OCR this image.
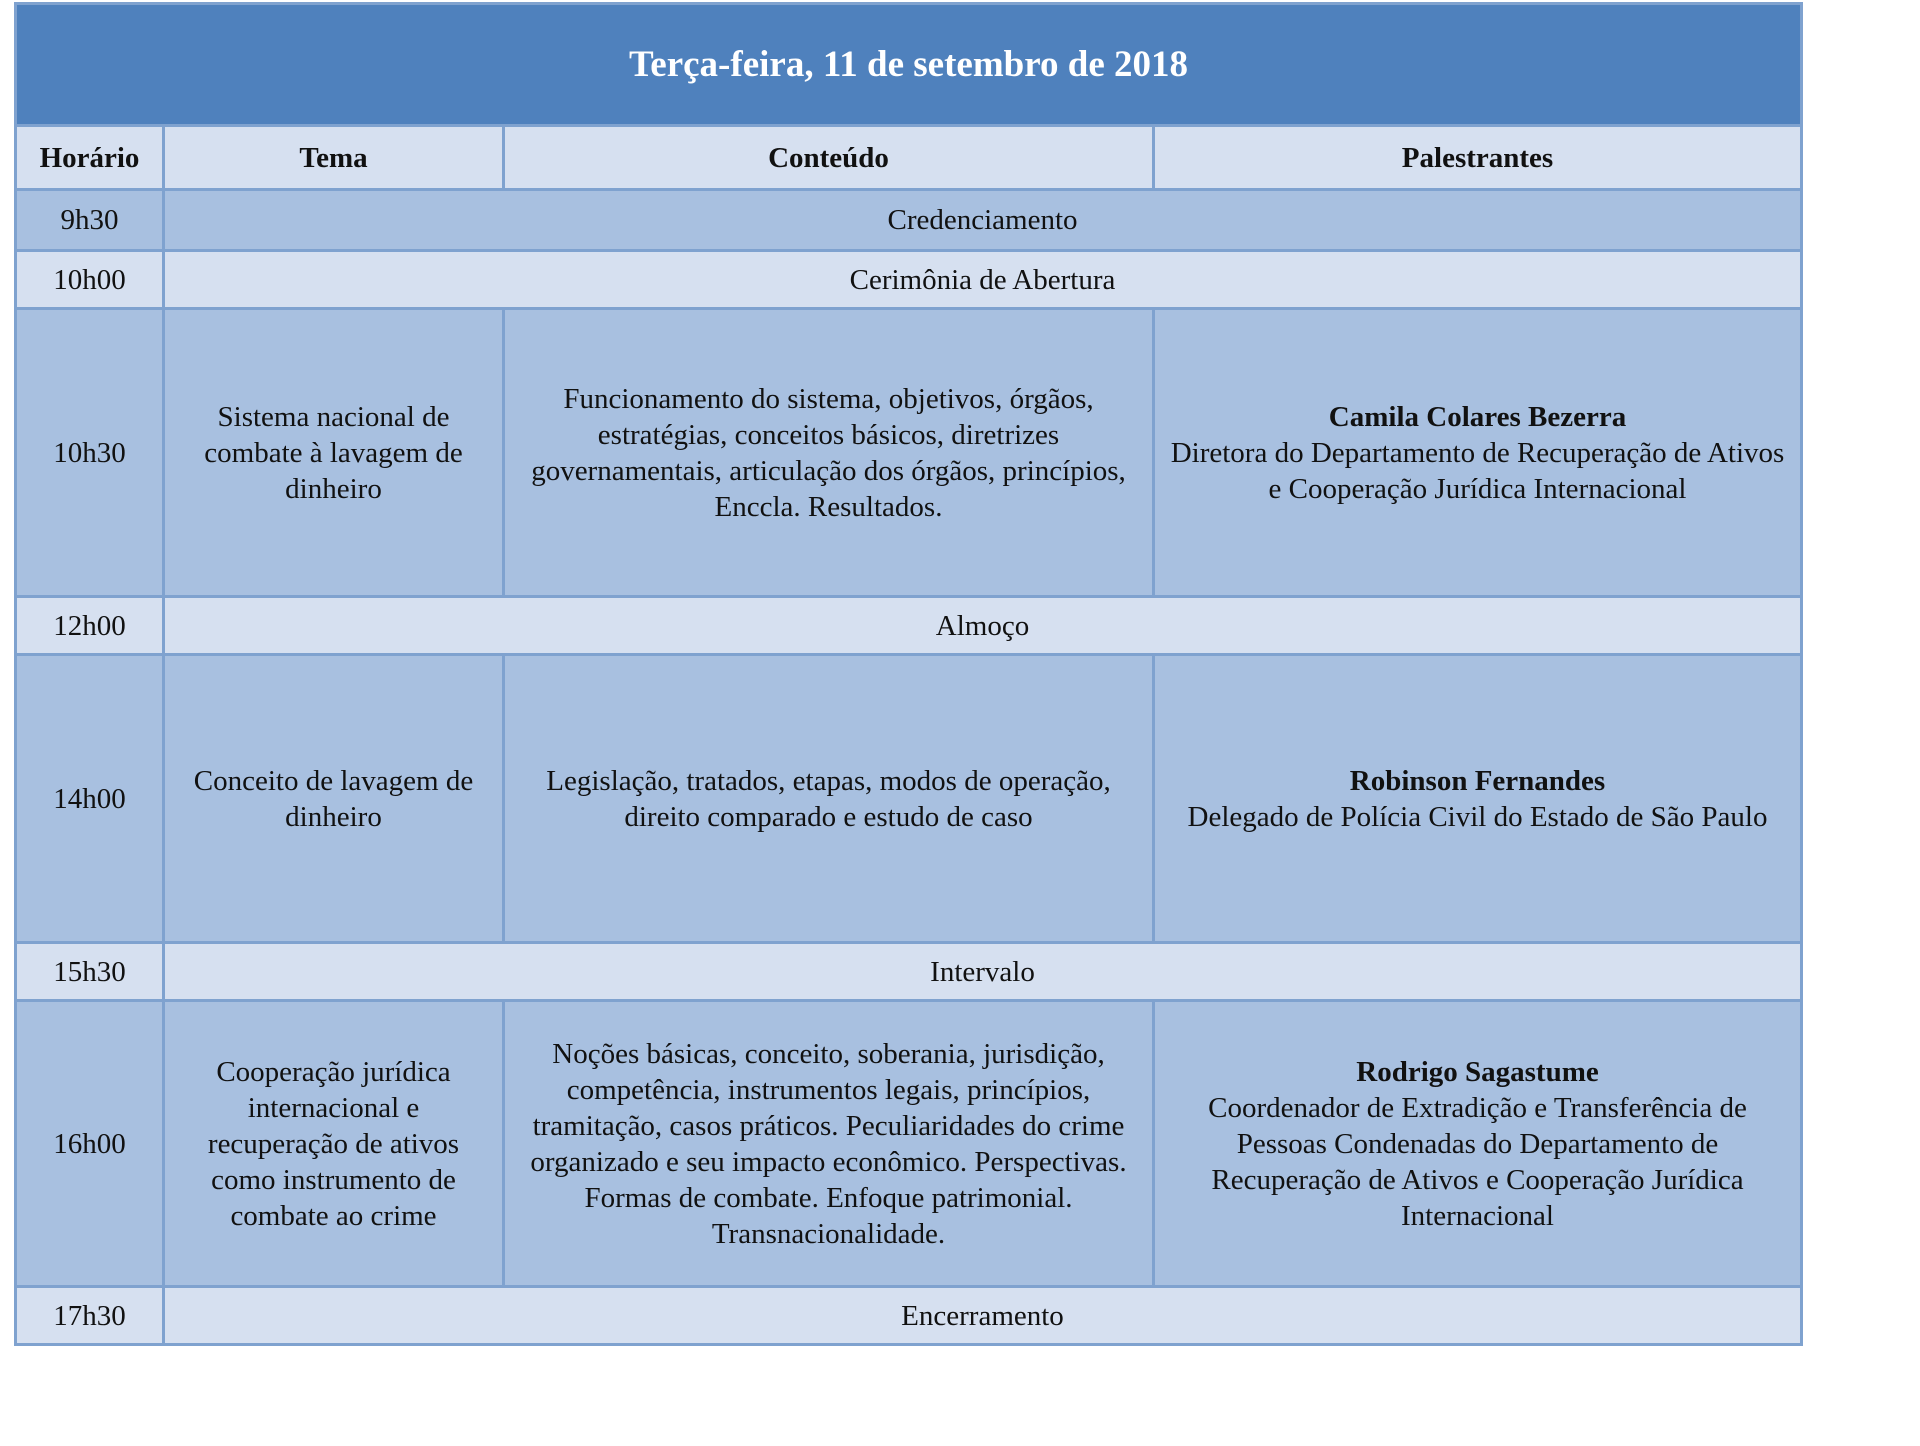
Terça-feira, 11 de setembro de 2018			
Horário	Tema	Conteúdo	Palestrantes
9h30	Credenciamento		
10h00	Cerimônia de Abertura		
10h30	Sistema nacional de combate à lavagem de dinheiro	Funcionamento do sistema, objetivos, órgãos, estratégias, conceitos básicos, diretrizes governamentais, articulação dos órgãos, princípios, Enccla. Resultados.	Camila Colares Bezerra
Diretora do Departamento de Recuperação de Ativos e Cooperação Jurídica Internacional

12h00	Almoço		
14h00	Conceito de lavagem de dinheiro	Legislação, tratados, etapas, modos de operação, direito comparado e estudo de caso	Robinson Fernandes
Delegado de Polícia Civil do Estado de São Paulo

15h30	Intervalo		
16h00	Cooperação jurídica internacional e recuperação de ativos como instrumento de combate ao crime	Noções básicas, conceito, soberania, jurisdição, competência, instrumentos legais, princípios, tramitação, casos práticos. Peculiaridades do crime organizado e seu impacto econômico. Perspectivas. Formas de combate. Enfoque patrimonial. Transnacionalidade.	Rodrigo Sagastume
Coordenador de Extradição e Transferência de Pessoas Condenadas do Departamento de Recuperação de Ativos e Cooperação Jurídica Internacional

17h30	Encerramento		
